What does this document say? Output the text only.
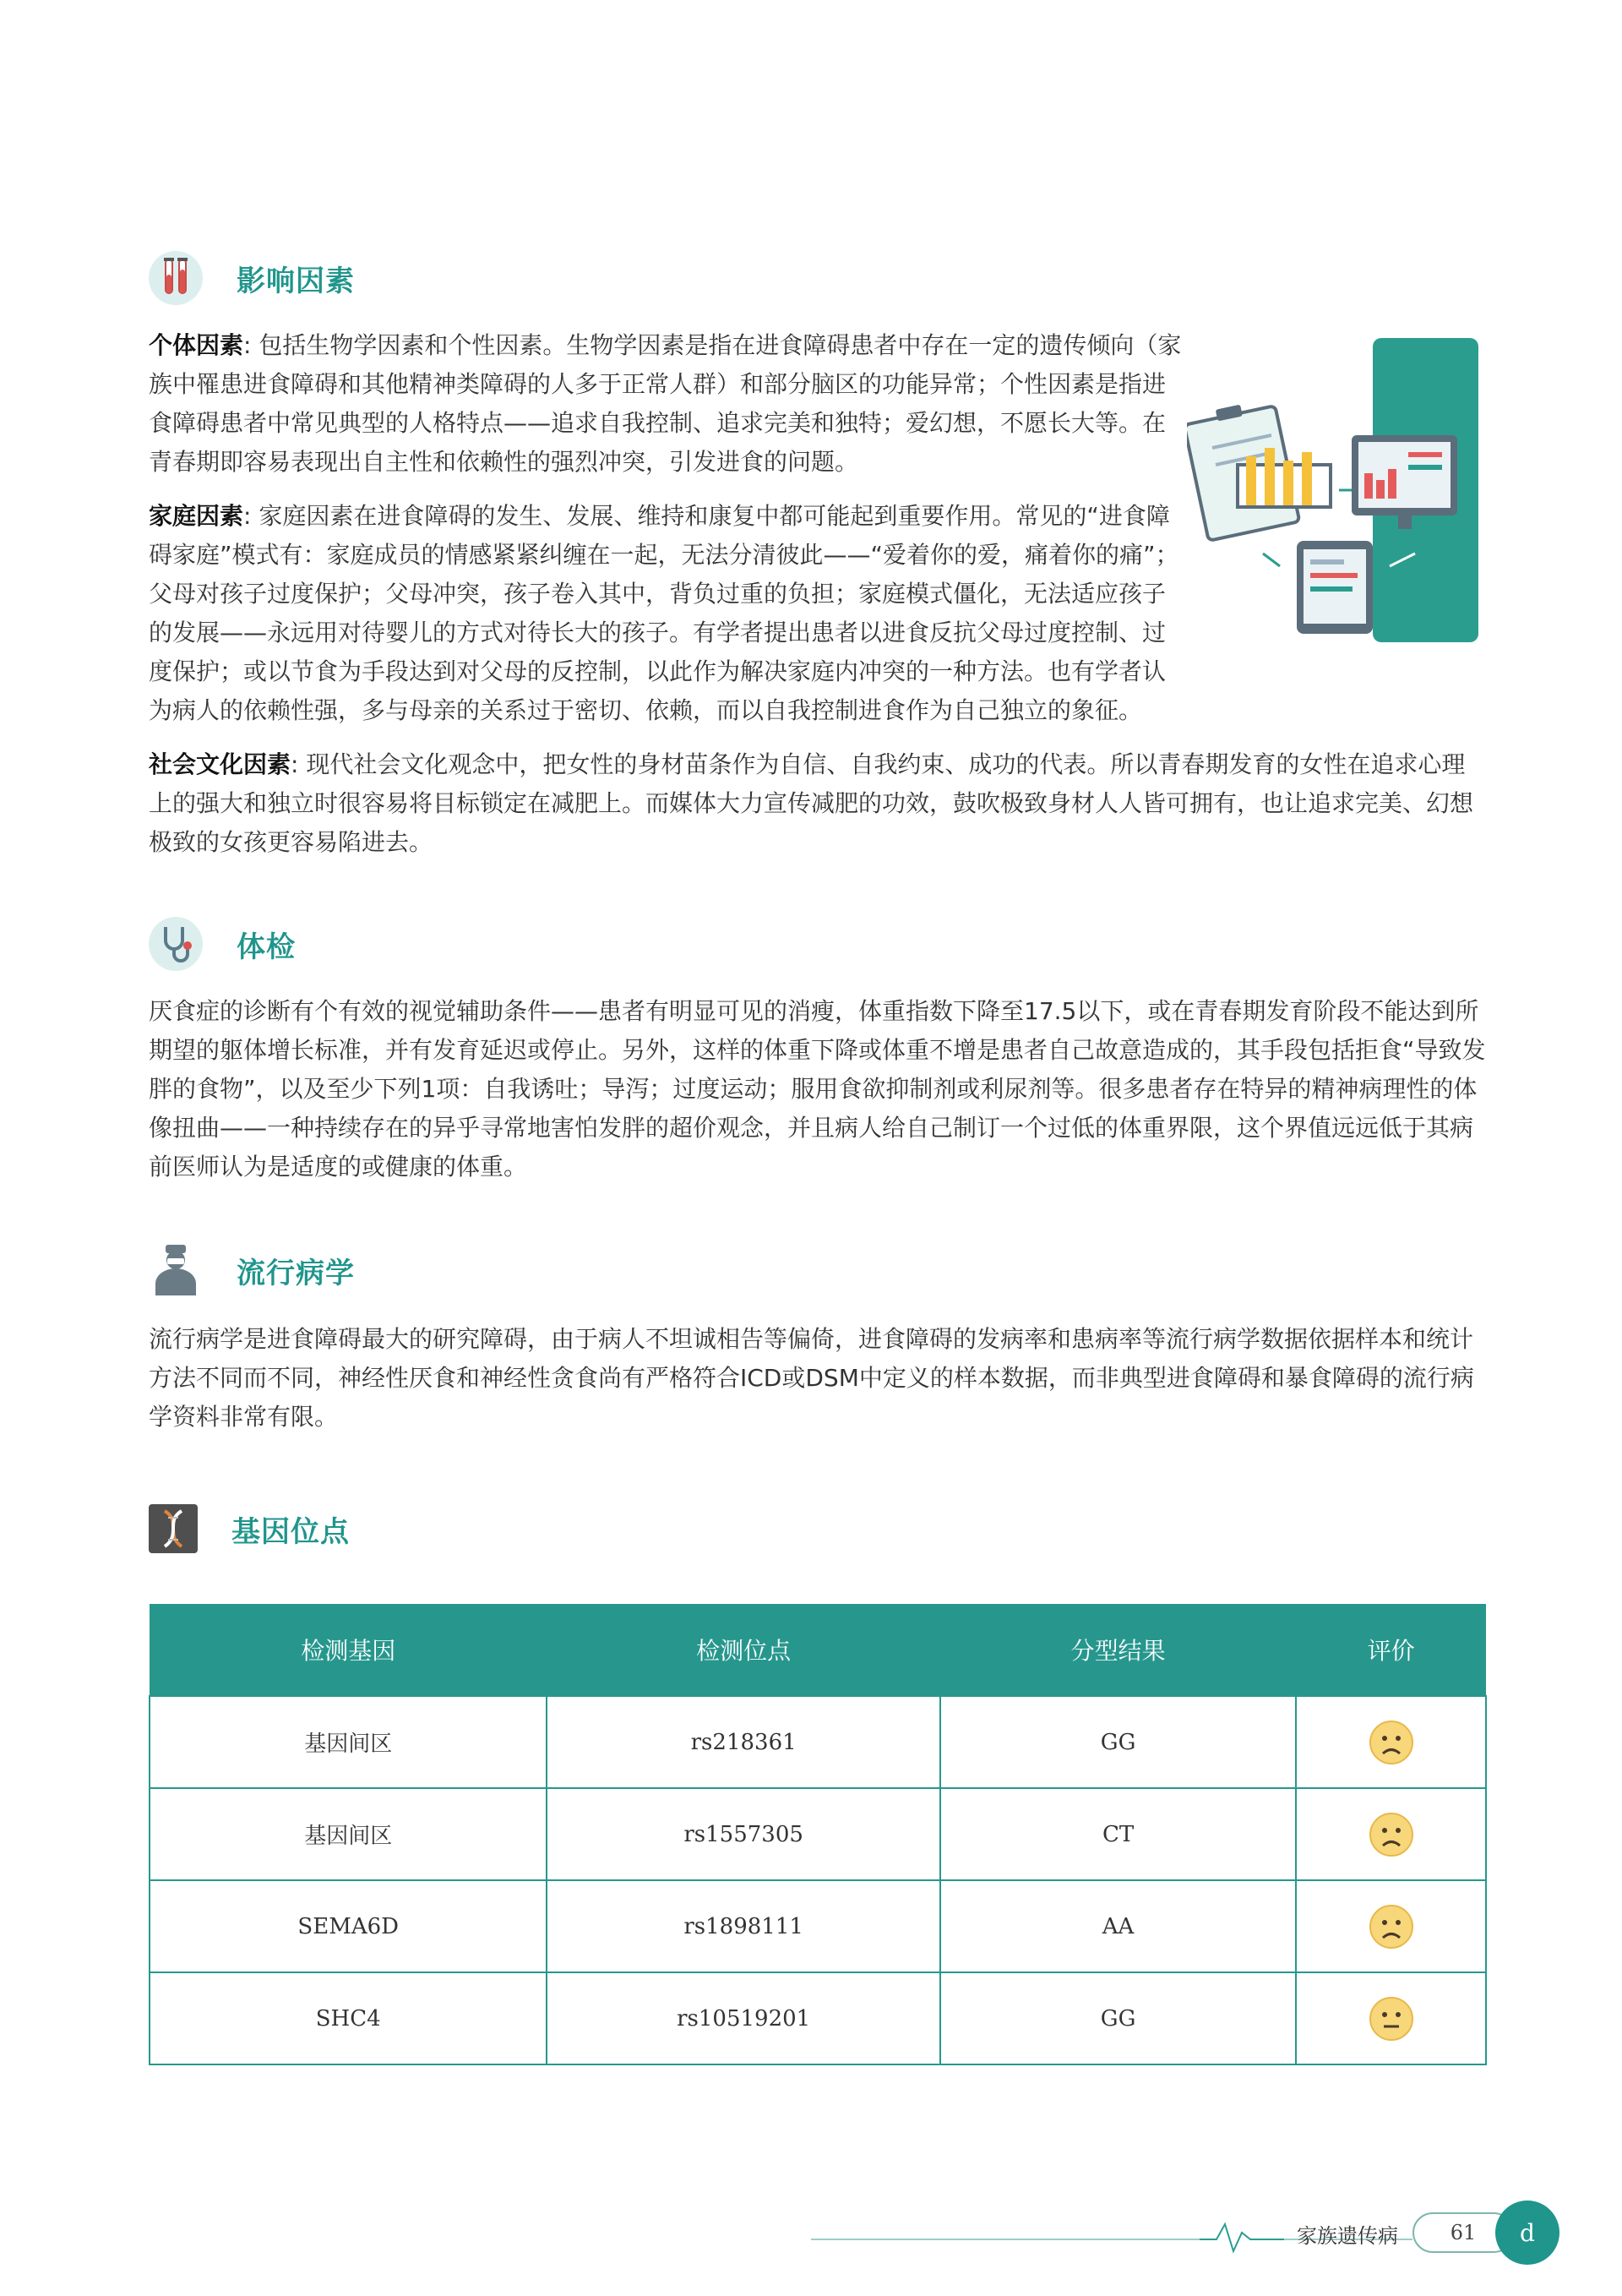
影响因素

个体因素: 包括生物学因素和个性因素。生物学因素是指在进食障碍患者中存在一定的遗传倾向（家族中罹患进食障碍和其他精神类障碍的人多于正常人群）和部分脑区的功能异常；个性因素是指进食障碍患者中常见典型的人格特点——追求自我控制、追求完美和独特；爱幻想，不愿长大等。在青春期即容易表现出自主性和依赖性的强烈冲突，引发进食的问题。

家庭因素: 家庭因素在进食障碍的发生、发展、维持和康复中都可能起到重要作用。常见的“进食障碍家庭”模式有：家庭成员的情感紧紧纠缠在一起，无法分清彼此——“爱着你的爱，痛着你的痛”；父母对孩子过度保护；父母冲突，孩子卷入其中，背负过重的负担；家庭模式僵化，无法适应孩子的发展——永远用对待婴儿的方式对待长大的孩子。有学者提出患者以进食反抗父母过度控制、过度保护；或以节食为手段达到对父母的反控制，以此作为解决家庭内冲突的一种方法。也有学者认为病人的依赖性强，多与母亲的关系过于密切、依赖，而以自我控制进食作为自己独立的象征。

社会文化因素: 现代社会文化观念中，把女性的身材苗条作为自信、自我约束、成功的代表。所以青春期发育的女性在追求心理上的强大和独立时很容易将目标锁定在减肥上。而媒体大力宣传减肥的功效，鼓吹极致身材人人皆可拥有，也让追求完美、幻想极致的女孩更容易陷进去。

体检

厌食症的诊断有个有效的视觉辅助条件——患者有明显可见的消瘦，体重指数下降至17.5以下，或在青春期发育阶段不能达到所期望的躯体增长标准，并有发育延迟或停止。另外，这样的体重下降或体重不增是患者自己故意造成的，其手段包括拒食“导致发胖的食物”，以及至少下列1项：自我诱吐；导泻；过度运动；服用食欲抑制剂或利尿剂等。很多患者存在特异的精神病理性的体像扭曲——一种持续存在的异乎寻常地害怕发胖的超价观念，并且病人给自己制订一个过低的体重界限，这个界值远远低于其病前医师认为是适度的或健康的体重。

流行病学

流行病学是进食障碍最大的研究障碍，由于病人不坦诚相告等偏倚，进食障碍的发病率和患病率等流行病学数据依据样本和统计方法不同而不同，神经性厌食和神经性贪食尚有严格符合ICD或DSM中定义的样本数据，而非典型进食障碍和暴食障碍的流行病学资料非常有限。

基因位点
检测基因	检测位点	分型结果	评价
基因间区	rs218361	GG	
基因间区	rs1557305	CT	
SEMA6D	rs1898111	AA	
SHC4	rs10519201	GG	
家族遗传病	61	d
